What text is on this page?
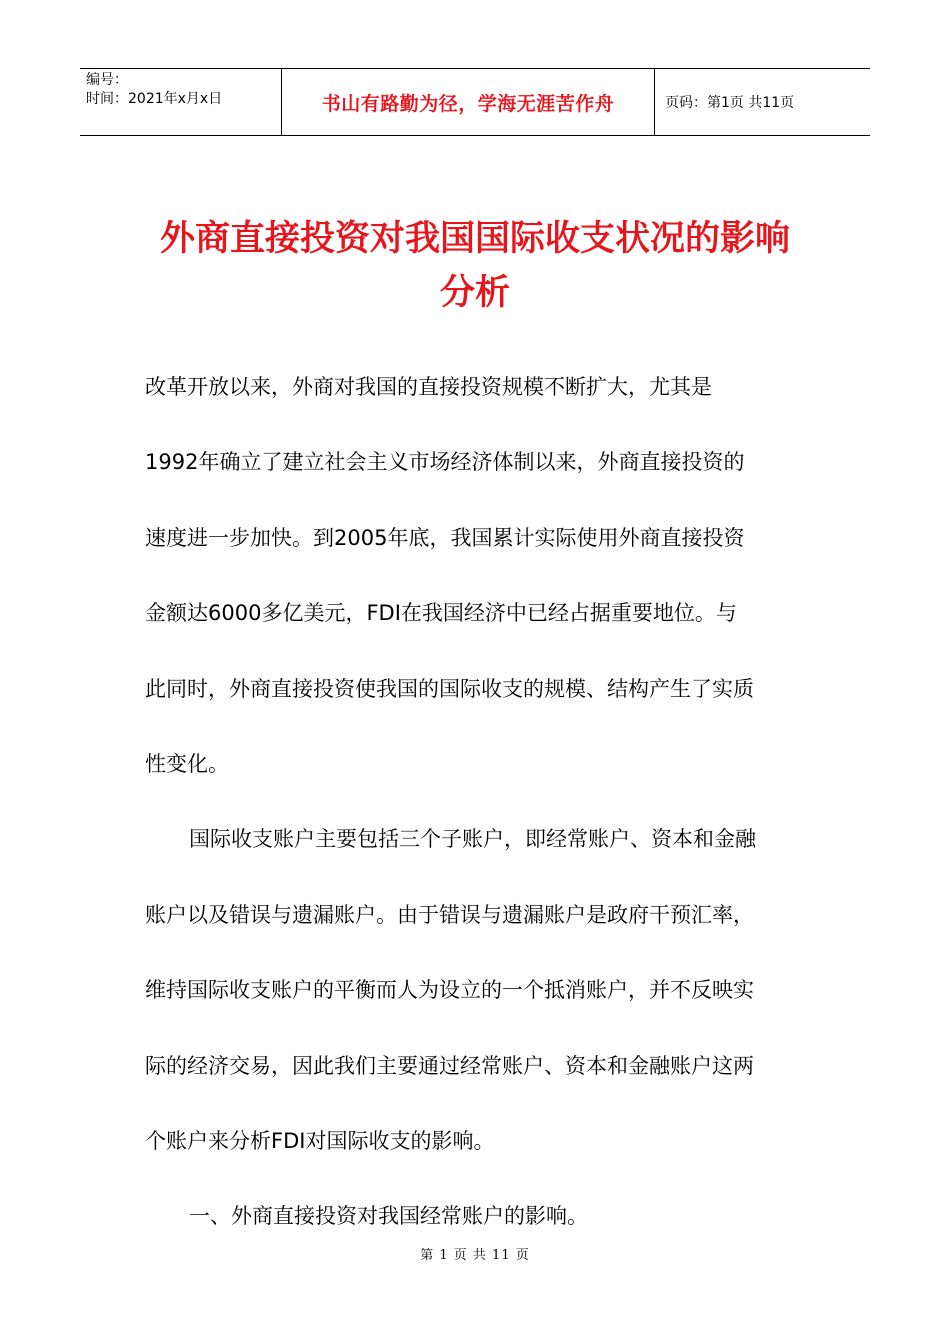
编号：
时间：2021年x月x日	书山有路勤为径，学海无涯苦作舟	页码：第1页 共11页
外商直接投资对我国国际收支状况的影响
分析
改革开放以来，外商对我国的直接投资规模不断扩大，尤其是
1992年确立了建立社会主义市场经济体制以来，外商直接投资的
速度进一步加快。到2005年底，我国累计实际使用外商直接投资
金额达6000多亿美元，FDI在我国经济中已经占据重要地位。与
此同时，外商直接投资使我国的国际收支的规模、结构产生了实质
性变化。
国际收支账户主要包括三个子账户，即经常账户、资本和金融
账户以及错误与遗漏账户。由于错误与遗漏账户是政府干预汇率，
维持国际收支账户的平衡而人为设立的一个抵消账户，并不反映实
际的经济交易，因此我们主要通过经常账户、资本和金融账户这两
个账户来分析FDI对国际收支的影响。
一、外商直接投资对我国经常账户的影响。
第 1 页 共 11 页
